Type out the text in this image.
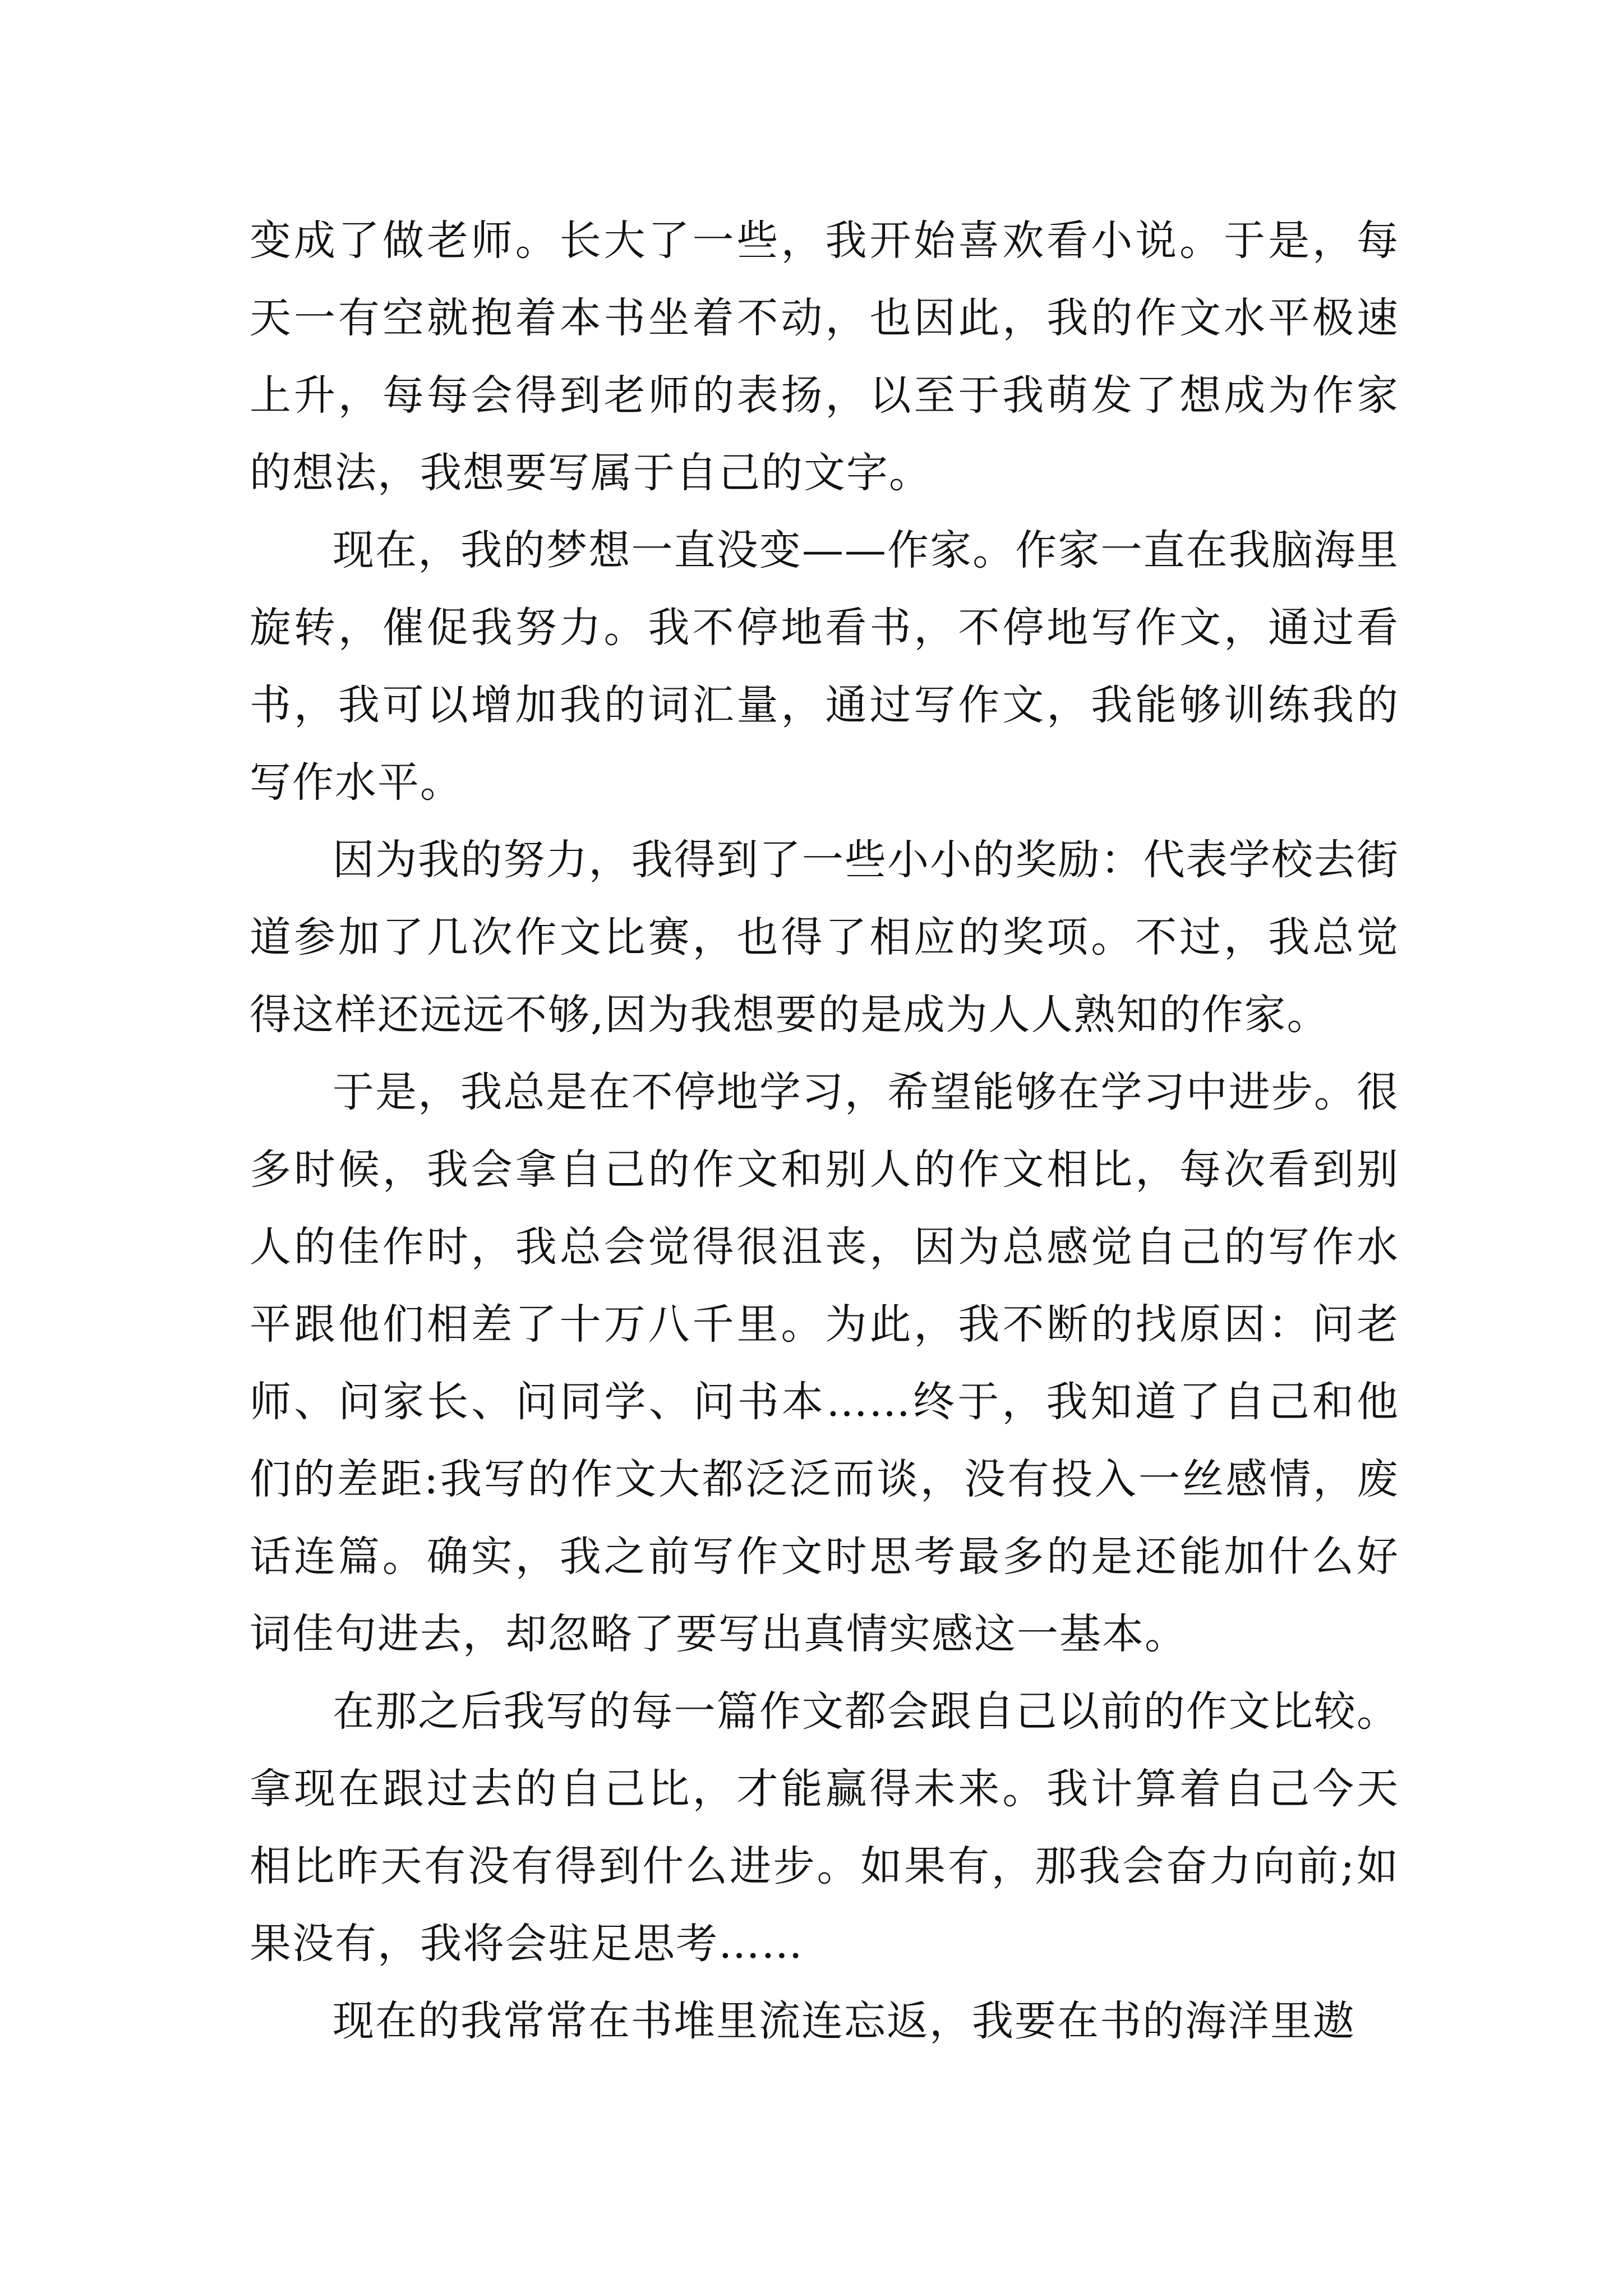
变成了做老师。长大了一些，我开始喜欢看小说。于是，每天一有空就抱着本书坐着不动，也因此，我的作文水平极速上升，每每会得到老师的表扬，以至于我萌发了想成为作家的想法，我想要写属于自己的文字。

现在，我的梦想一直没变——作家。作家一直在我脑海里旋转，催促我努力。我不停地看书，不停地写作文，通过看书，我可以增加我的词汇量，通过写作文，我能够训练我的写作水平。

因为我的努力，我得到了一些小小的奖励：代表学校去街道参加了几次作文比赛，也得了相应的奖项。不过，我总觉得这样还远远不够,因为我想要的是成为人人熟知的作家。

于是，我总是在不停地学习，希望能够在学习中进步。很多时候，我会拿自己的作文和别人的作文相比，每次看到别人的佳作时，我总会觉得很沮丧，因为总感觉自己的写作水平跟他们相差了十万八千里。为此，我不断的找原因：问老师、问家长、问同学、问书本……终于，我知道了自己和他们的差距:我写的作文大都泛泛而谈，没有投入一丝感情，废话连篇。确实，我之前写作文时思考最多的是还能加什么好词佳句进去，却忽略了要写出真情实感这一基本。

在那之后我写的每一篇作文都会跟自己以前的作文比较。拿现在跟过去的自己比，才能赢得未来。我计算着自己今天相比昨天有没有得到什么进步。如果有，那我会奋力向前;如果没有，我将会驻足思考……

现在的我常常在书堆里流连忘返，我要在书的海洋里遨
